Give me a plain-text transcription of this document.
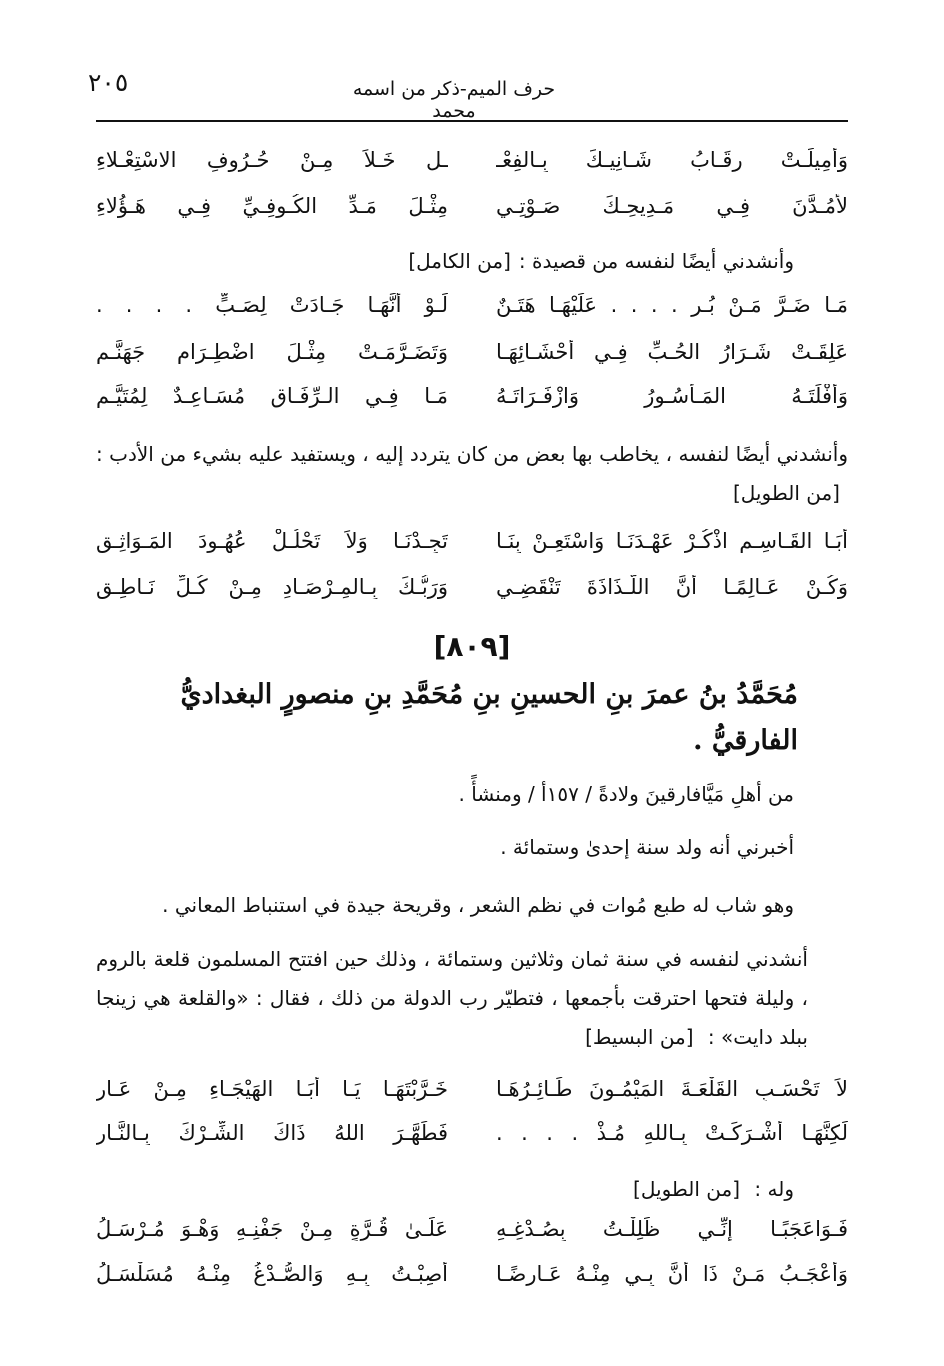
٢٠٥	حرف الميم-ذكر من اسمه محمد
وَأُمِيلَـتْ رِقَـابُ شَـانِيـكَ بِـالفِعْـ
ـلِ خَـلاَ مِـنْ حُـرُوفِ الاسْتِعْـلاءِ
لأَمُـدَّنَ فِـي مَـدِيحِـكَ صَـوْتِـي
مِثْـلَ مَـدِّ الكُـوفِـيِّ فِـي هَـؤُلاءِ
وأنشدني أيضًا لنفسه من قصيدة :[من الكامل]
مَـا ضَـرَّ مَـنْ بُـرٍ . . . . عَلَيْهَـا هَتَـنٌ
لَـوْ أَنَّهَـا جَـادَتْ لِصَـبٍّ . . . .
عَلِقَـتْ شَـرَارُ الحُـبِّ فِـي أَحْشَـائِهَـا
وَتَضَـرَّمَـتْ مِثْـلَ اضْطِـرَامِ جَهَنَّـمِ
وَأَفْلَتَـهُ المَـأْسُـورُ وَازْفَـرَاتَـهُ
مَـا فِـي الـرِّفَـاقِ مُسَـاعِـدٌ لِمُتَيَّـمِ
وأنشدني أيضًا لنفسه ، يخاطب بها بعض من كان يتردد إليه ، ويستفيد عليه بشيء من الأدب : [من الطويل]
أَبَـا القَـاسِـمِ اذْكُـرْ عَهْـدَنَـا وَاسْتَعِـنْ بِنَـا
تَجِـدْنَـا وَلاَ تَحْلُـلْ عُهُـودَ المَـوَاثِـقِ
وَكُـنْ عَـالِمًـا أَنَّ اللَّـذَاذَةَ تَنْقَضِـي
وَرَبُّـكَ بِـالمِـرْصَـادِ مِـنْ كُـلِّ نَـاطِـقِ
[٨٠٩]
مُحَمَّدُ بنُ عمرَ بنِ الحسينِ بنِ مُحَمَّدِ بنِ منصورٍ البغداديُّ الفارقيُّ .
من أهلِ مَيَّافارقينَ ولادةً / ١٥٧أ / ومنشأً .
أخبرني أنه ولد سنة إحدىٰ وستمائة .
وهو شاب له طبع مُوات في نظم الشعر ، وقريحة جيدة في استنباط المعاني .
أنشدني لنفسه في سنة ثمان وثلاثين وستمائة ، وذلك حين افتتح المسلمون قلعة بالروم ، وليلة فتحها احترقت بأجمعها ، فتطيّر رب الدولة من ذلك ، فقال : «والقلعة هي زينجا ببلد دايت» : [من البسيط]
لاَ تَحْسَـبِ القَلْعَـةَ المَيْمُـونَ طَـائِـرُهَـا
خَـرَّبْتَهَـا يَـا أَبَـا الهَيْجَـاءِ مِـنْ عَـارِ
لَكِنَّهَـا أَشْـرَكَـتْ بِـاللهِ مُـذْ . . . .
فَطَهَّـرَ اللهُ ذَاكَ الشِّـرْكَ بِـالنَّـارِ
وله : [من الطويل]
فَـوَاعَجَبًـا إِنِّـي ظَلِلْـتُ بِصُـدْغِـهِ
عَلَـىٰ قُـرَّةٍ مِـنْ جَفْنِـهِ وَهْـوَ مُـرْسَـلُ
وَأَعْجَـبُ مَـنْ ذَا أَنَّ بِـي مِنْـهُ عَـارِضًـا
أُصِبْـتُ بِـهِ وَالصُّـدْغُ مِنْـهُ مُسَلْسَـلُ
